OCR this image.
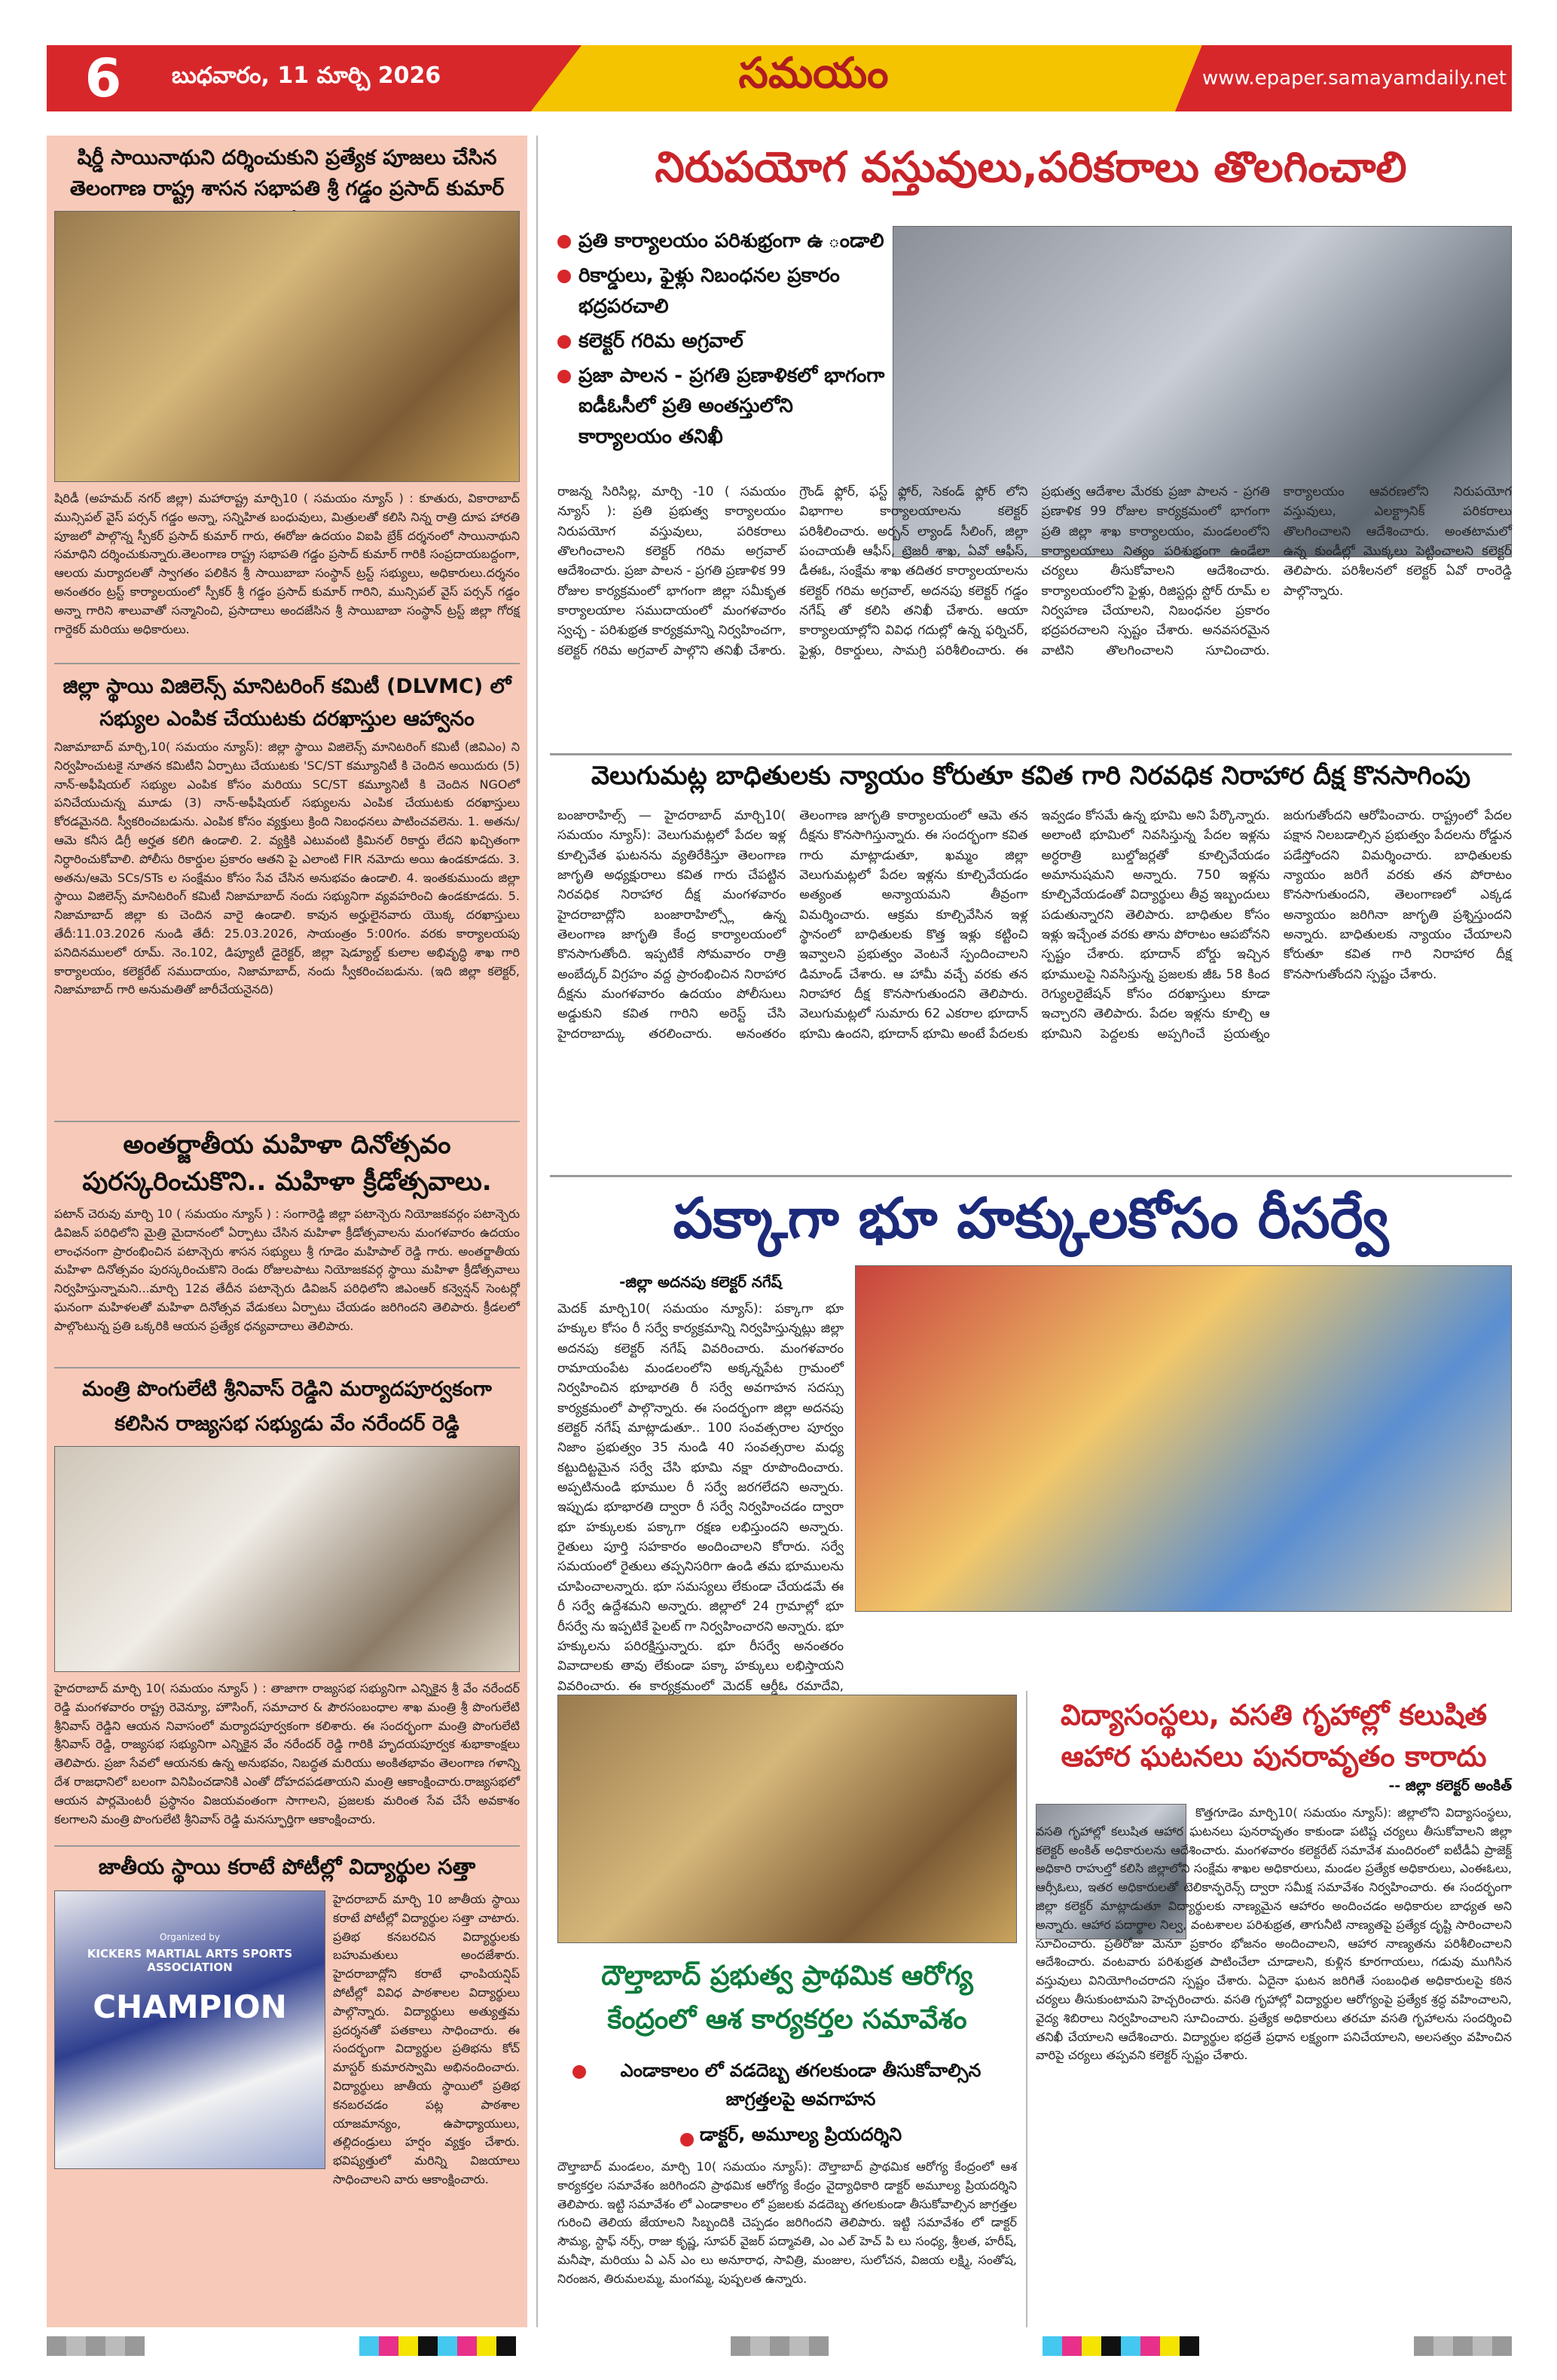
6	బుధవారం, 11 మార్చి 2026	సమయం	www.epaper.samayamdaily.net
షిర్డీ సాయినాథుని దర్శించుకుని ప్రత్యేక పూజలు చేసిన తెలంగాణ రాష్ట్ర శాసన సభాపతి శ్రీ గడ్డం ప్రసాద్ కుమార్
షిరిడీ (అహమద్ నగర్ జిల్లా) మహారాష్ట్ర మార్చి10 ( సమయం న్యూస్ ) : కూతురు, వికారాబాద్ మున్సిపల్ వైస్ పర్సన్ గడ్డం అన్నా, సన్నిహిత బంధువులు, మిత్రులతో కలిసి నిన్న రాత్రి దూప హారతి పూజలో పాల్గొన్న స్పీకర్ ప్రసాద్ కుమార్ గారు, ఈరోజు ఉదయం విఐపి బ్రేక్ దర్శనంలో సాయినాథుని సమాధిని దర్శించుకున్నారు.తెలంగాణ రాష్ట్ర సభాపతి గడ్డం ప్రసాద్ కుమార్ గారికి సంప్రదాయబద్దంగా, ఆలయ మర్యాదలతో స్వాగతం పలికిన శ్రీ సాయిబాబా సంస్థాన్ ట్రస్ట్ సభ్యులు, అధికారులు.దర్శనం అనంతరం ట్రస్ట్ కార్యాలయంలో స్పీకర్ శ్రీ గడ్డం ప్రసాద్ కుమార్ గారిని, మున్సిపల్ వైస్ పర్సన్ గడ్డం అన్నా గారిని శాలువాతో సన్మానించి, ప్రసాదాలు అందజేసిన శ్రీ సాయిబాబా సంస్థాన్ ట్రస్ట్ జిల్లా గోరక్ష గార్డెకర్ మరియు అధికారులు.
జిల్లా స్థాయి విజిలెన్స్ మానిటరింగ్ కమిటీ (DLVMC) లో సభ్యుల ఎంపిక చేయుటకు దరఖాస్తుల ఆహ్వానం
నిజామాబాద్ మార్చి,10( సమయం న్యూస్): జిల్లా స్థాయి విజిలెన్స్ మానిటరింగ్ కమిటీ (జివిఎం) ని నిర్వహించుటకై నూతన కమిటీని ఏర్పాటు చేయుటకు 'SC/ST కమ్యూనిటీ కి చెందిన అయిదురు (5) నాన్-అఫీషియల్ సభ్యుల ఎంపిక కోసం మరియు SC/ST కమ్యూనిటీ కి చెందిన NGOలో పనిచేయుచున్న మూడు (3) నాన్-అఫీషియల్ సభ్యులను ఎంపిక చేయుటకు దరఖాస్తులు కోరడమైనది. స్వీకరించబడును. ఎంపిక కోసం వ్యక్తులు క్రింది నిబంధనలు పాటించవలెను. 1. అతను/ఆమె కనీస డిగ్రీ అర్హత కలిగి ఉండాలి. 2. వ్యక్తికి ఎటువంటి క్రిమినల్ రికార్డు లేదని ఖచ్చితంగా నిర్ధారించుకోవాలి. పోలీసు రికార్డుల ప్రకారం ఆతని పై ఎలాంటి FIR నమోదు అయి ఉండకూడదు. 3. అతను/ఆమె SCs/STs ల సంక్షేమం కోసం సేవ చేసిన అనుభవం ఉండాలి. 4. ఇంతకుముందు జిల్లా స్థాయి విజిలెన్స్ మానిటరింగ్ కమిటీ నిజామాబాద్ నందు సభ్యునిగా వ్యవహరించి ఉండకూడదు. 5. నిజామాబాద్ జిల్లా కు చెందిన వారై ఉండాలి. కావున అర్హులైనవారు యొక్క దరఖాస్తులు తేదీ:11.03.2026 నుండి తేదీ: 25.03.2026, సాయంత్రం 5:00గం. వరకు కార్యాలయపు పనిదినములలో రూమ్. నెం.102, డిప్యూటీ డైరెక్టర్, జిల్లా షెడ్యూల్డ్ కులాల అభివృద్ధి శాఖ గారి కార్యాలయం, కలెక్టరేట్ సముదాయం, నిజామాబాద్, నందు స్వీకరించబడును. (ఇది జిల్లా కలెక్టర్, నిజామాబాద్ గారి అనుమతితో జారీచేయనైనది)
అంతర్జాతీయ మహిళా దినోత్సవం పురస్కరించుకొని.. మహిళా క్రీడోత్సవాలు.
పటాన్ చెరువు మార్చి 10 ( సమయం న్యూస్ ) : సంగారెడ్డి జిల్లా పటాన్చెరు నియోజకవర్గం పటాన్చెరు డివిజన్ పరిధిలోని మైత్రి మైదానంలో ఏర్పాటు చేసిన మహిళా క్రీడోత్సవాలను మంగళవారం ఉదయం లాంఛనంగా ప్రారంభించిన పటాన్చెరు శాసన సభ్యులు శ్రీ గూడెం మహిపాల్ రెడ్డి గారు. అంతర్జాతీయ మహిళా దినోత్సవం పురస్కరించుకొని రెండు రోజులపాటు నియోజకవర్గ స్థాయి మహిళా క్రీడోత్సవాలు నిర్వహిస్తున్నామని...మార్చి 12వ తేదీన పటాన్చెరు డివిజన్ పరిధిలోని జిఎంఆర్ కన్వెన్షన్ సెంటర్లో ఘనంగా మహిళలతో మహిళా దినోత్సవ వేడుకలు ఏర్పాటు చేయడం జరిగిందని తెలిపారు. క్రీడలలో పాల్గొంటున్న ప్రతి ఒక్కరికి ఆయన ప్రత్యేక ధన్యవాదాలు తెలిపారు.
మంత్రి పొంగులేటి శ్రీనివాస్ రెడ్డిని మర్యాదపూర్వకంగా కలిసిన రాజ్యసభ సభ్యుడు వేం నరేందర్ రెడ్డి
హైదరాబాద్ మార్చి 10( సమయం న్యూస్ ) : తాజాగా రాజ్యసభ సభ్యునిగా ఎన్నికైన శ్రీ వేం నరేందర్ రెడ్డి మంగళవారం రాష్ట్ర రెవెన్యూ, హౌసింగ్, సమాచార & పౌరసంబంధాల శాఖ మంత్రి శ్రీ పొంగులేటి శ్రీనివాస్ రెడ్డిని ఆయన నివాసంలో మర్యాదపూర్వకంగా కలిశారు. ఈ సందర్భంగా మంత్రి పొంగులేటి శ్రీనివాస్ రెడ్డి, రాజ్యసభ సభ్యునిగా ఎన్నికైన వేం నరేందర్ రెడ్డి గారికి హృదయపూర్వక శుభాకాంక్షలు తెలిపారు. ప్రజా సేవలో ఆయనకు ఉన్న అనుభవం, నిబద్ధత మరియు అంకితభావం తెలంగాణ గళాన్ని దేశ రాజధానిలో బలంగా వినిపించడానికి ఎంతో దోహదపడతాయని మంత్రి ఆకాంక్షించారు.రాజ్యసభలో ఆయన పార్లమెంటరీ ప్రస్థానం విజయవంతంగా సాగాలని, ప్రజలకు మరింత సేవ చేసే అవకాశం కలగాలని మంత్రి పొంగులేటి శ్రీనివాస్ రెడ్డి మనస్ఫూర్తిగా ఆకాంక్షించారు.
జాతీయ స్థాయి కరాటే పోటీల్లో విద్యార్థుల సత్తా
Organized by
KICKERS MARTIAL ARTS SPORTS ASSOCIATION
CHAMPION
హైదరాబాద్ మార్చి 10 జాతీయ స్థాయి కరాటే పోటీల్లో విద్యార్థుల సత్తా చాటారు. ప్రతిభ కనబరచిన విద్యార్థులకు బహుమతులు అందజేశారు. హైదరాబాద్లోని కరాటే ఛాంపియన్షిప్ పోటీల్లో వివిధ పాఠశాలల విద్యార్థులు పాల్గొన్నారు. విద్యార్థులు అత్యుత్తమ ప్రదర్శనతో పతకాలు సాధించారు. ఈ సందర్భంగా విద్యార్థుల ప్రతిభను కోచ్ మాస్టర్ కుమారస్వామి అభినందించారు. విద్యార్థులు జాతీయ స్థాయిలో ప్రతిభ కనబరచడం పట్ల పాఠశాల యాజమాన్యం, ఉపాధ్యాయులు, తల్లిదండ్రులు హర్షం వ్యక్తం చేశారు. భవిష్యత్తులో మరిన్ని విజయాలు సాధించాలని వారు ఆకాంక్షించారు.
నిరుపయోగ వస్తువులు,పరికరాలు తొలగించాలి
ప్రతి కార్యాలయం పరిశుభ్రంగా ఉ ండాలి
రికార్డులు, ఫైళ్లు నిబంధనల ప్రకారం భద్రపరచాలి
కలెక్టర్ గరిమ అగ్రవాల్
ప్రజా పాలన - ప్రగతి ప్రణాళికలో భాగంగా ఐడీఓసీలో ప్రతి అంతస్తులోని కార్యాలయం తనిఖీ
రాజన్న సిరిసిల్ల, మార్చి -10 ( సమయం న్యూస్ ): ప్రతి ప్రభుత్వ కార్యాలయం నిరుపయోగ వస్తువులు, పరికరాలు తొలగించాలని కలెక్టర్ గరిమ అగ్రవాల్ ఆదేశించారు. ప్రజా పాలన - ప్రగతి ప్రణాళిక 99 రోజుల కార్యక్రమంలో భాగంగా జిల్లా సమీకృత కార్యాలయాల సముదాయంలో మంగళవారం స్వచ్ఛ - పరిశుభ్రత కార్యక్రమాన్ని నిర్వహించగా, కలెక్టర్ గరిమ అగ్రవాల్ పాల్గొని తనిఖీ చేశారు. గ్రౌండ్ ఫ్లోర్, ఫస్ట్ ఫ్లోర్, సెకండ్ ఫ్లోర్ లోని విభాగాల కార్యాలయాలను కలెక్టర్ పరిశీలించారు. అర్బన్ ల్యాండ్ సీలింగ్, జిల్లా పంచాయతీ ఆఫీస్, ట్రెజరీ శాఖ, ఏవో ఆఫీస్, డీఈఓ, సంక్షేమ శాఖ తదితర కార్యాలయాలను కలెక్టర్ గరిమ అగ్రవాల్, అదనపు కలెక్టర్ గడ్డం నగేష్ తో కలిసి తనిఖీ చేశారు. ఆయా కార్యాలయాల్లోని వివిధ గదుల్లో ఉన్న ఫర్నిచర్, ఫైళ్లు, రికార్డులు, సామగ్రి పరిశీలించారు. ఈ ప్రభుత్వ ఆదేశాల మేరకు ప్రజా పాలన - ప్రగతి ప్రణాళిక 99 రోజుల కార్యక్రమంలో భాగంగా ప్రతి జిల్లా శాఖ కార్యాలయం, మండలంలోని కార్యాలయాలు నిత్యం పరిశుభ్రంగా ఉండేలా చర్యలు తీసుకోవాలని ఆదేశించారు. కార్యాలయంలోని ఫైళ్లు, రిజిస్టర్లు స్టోర్ రూమ్ ల నిర్వహణ చేయాలని, నిబంధనల ప్రకారం భద్రపరచాలని స్పష్టం చేశారు. అనవసరమైన వాటిని తొలగించాలని సూచించారు. కార్యాలయం ఆవరణలోని నిరుపయోగ వస్తువులు, ఎలక్ట్రానిక్ పరికరాలు తొలగించాలని ఆదేశించారు. అంతటామలో ఉన్న కుండీల్లో మొక్కలు పెట్టించాలని కలెక్టర్ తెలిపారు. పరిశీలనలో కలెక్టర్ ఏవో రాంరెడ్డి పాల్గొన్నారు.
వెలుగుమట్ల బాధితులకు న్యాయం కోరుతూ కవిత గారి నిరవధిక నిరాహార దీక్ష కొనసాగింపు
బంజారాహిల్స్ — హైదరాబాద్ మార్చి10( సమయం న్యూస్): వెలుగుమట్లలో పేదల ఇళ్ల కూల్చివేత ఘటనను వ్యతిరేకిస్తూ తెలంగాణ జాగృతి అధ్యక్షురాలు కవిత గారు చేపట్టిన నిరవధిక నిరాహార దీక్ష మంగళవారం హైదరాబాద్లోని బంజారాహిల్స్లో ఉన్న తెలంగాణ జాగృతి కేంద్ర కార్యాలయంలో కొనసాగుతోంది. ఇప్పటికే సోమవారం రాత్రి అంబేద్కర్ విగ్రహం వద్ద ప్రారంభించిన నిరాహార దీక్షను మంగళవారం ఉదయం పోలీసులు అడ్డుకుని కవిత గారిని అరెస్ట్ చేసి హైదరాబాద్కు తరలించారు. అనంతరం తెలంగాణ జాగృతి కార్యాలయంలో ఆమె తన దీక్షను కొనసాగిస్తున్నారు. ఈ సందర్భంగా కవిత గారు మాట్లాడుతూ, ఖమ్మం జిల్లా వెలుగుమట్లలో పేదల ఇళ్లను కూల్చివేయడం అత్యంత అన్యాయమని తీవ్రంగా విమర్శించారు. ఆక్రమ కూల్చివేసిన ఇళ్ల స్థానంలో బాధితులకు కొత్త ఇళ్లు కట్టించి ఇవ్వాలని ప్రభుత్వం వెంటనే స్పందించాలని డిమాండ్ చేశారు. ఆ హామీ వచ్చే వరకు తన నిరాహార దీక్ష కొనసాగుతుందని తెలిపారు. వెలుగుమట్లలో సుమారు 62 ఎకరాల భూదాన్ భూమి ఉందని, భూదాన్ భూమి అంటే పేదలకు ఇవ్వడం కోసమే ఉన్న భూమి అని పేర్కొన్నారు. అలాంటి భూమిలో నివసిస్తున్న పేదల ఇళ్లను అర్ధరాత్రి బుల్డోజర్లతో కూల్చివేయడం అమానుషమని అన్నారు. 750 ఇళ్లను కూల్చివేయడంతో విద్యార్థులు తీవ్ర ఇబ్బందులు పడుతున్నారని తెలిపారు. బాధితుల కోసం ఇళ్లు ఇచ్చేంత వరకు తాను పోరాటం ఆపబోనని స్పష్టం చేశారు. భూదాన్ బోర్డు ఇచ్చిన భూములపై నివసిస్తున్న ప్రజలకు జీఓ 58 కింద రెగ్యులరైజేషన్ కోసం దరఖాస్తులు కూడా ఇచ్చారని తెలిపారు. పేదల ఇళ్లను కూల్చి ఆ భూమిని పెద్దలకు అప్పగించే ప్రయత్నం జరుగుతోందని ఆరోపించారు. రాష్ట్రంలో పేదల పక్షాన నిలబడాల్సిన ప్రభుత్వం పేదలను రోడ్డున పడేస్తోందని విమర్శించారు. బాధితులకు న్యాయం జరిగే వరకు తన పోరాటం కొనసాగుతుందని, తెలంగాణలో ఎక్కడ అన్యాయం జరిగినా జాగృతి ప్రశ్నిస్తుందని అన్నారు. బాధితులకు న్యాయం చేయాలని కోరుతూ కవిత గారి నిరాహార దీక్ష కొనసాగుతోందని స్పష్టం చేశారు.
పక్కాగా భూ హక్కులకోసం రీసర్వే
-జిల్లా అదనపు కలెక్టర్ నగేష్
మెదక్ మార్చి10( సమయం న్యూస్): పక్కాగా భూ హక్కుల కోసం రీ సర్వే కార్యక్రమాన్ని నిర్వహిస్తున్నట్లు జిల్లా అదనపు కలెక్టర్ నగేష్ వివరించారు. మంగళవారం రామాయంపేట మండలంలోని అక్కన్నపేట గ్రామంలో నిర్వహించిన భూభారతి రీ సర్వే అవగాహన సదస్సు కార్యక్రమంలో పాల్గొన్నారు. ఈ సందర్భంగా జిల్లా అదనపు కలెక్టర్ నగేష్ మాట్లాడుతూ.. 100 సంవత్సరాల పూర్వం నిజాం ప్రభుత్వం 35 నుండి 40 సంవత్సరాల మధ్య కట్టుదిట్టమైన సర్వే చేసి భూమి నక్షా రూపొందించారు. అప్పటినుండి భూముల రీ సర్వే జరగలేదని అన్నారు. ఇప్పుడు భూభారతి ద్వారా రీ సర్వే నిర్వహించడం ద్వారా భూ హక్కులకు పక్కాగా రక్షణ లభిస్తుందని అన్నారు. రైతులు పూర్తి సహకారం అందించాలని కోరారు. సర్వే సమయంలో రైతులు తప్పనిసరిగా ఉండి తమ భూములను చూపించాలన్నారు. భూ సమస్యలు లేకుండా చేయడమే ఈ రీ సర్వే ఉద్దేశమని అన్నారు. జిల్లాలో 24 గ్రామాల్లో భూ రీసర్వే ను ఇప్పటికే పైలట్ గా నిర్వహించారని అన్నారు. భూ హక్కులను పరిరక్షిస్తున్నారు. భూ రీసర్వే అనంతరం వివాదాలకు తావు లేకుండా పక్కా హక్కులు లభిస్తాయని వివరించారు. ఈ కార్యక్రమంలో మెదక్ ఆర్డీఓ రమాదేవి,
దౌల్తాబాద్ ప్రభుత్వ ప్రాథమిక ఆరోగ్య కేంద్రంలో ఆశ కార్యకర్తల సమావేశం
ఎండాకాలం లో వడదెబ్బ తగలకుండా తీసుకోవాల్సిన జాగ్రత్తలపై అవగాహన
డాక్టర్, అమూల్య ప్రియదర్శిని
దౌల్తాబాద్ మండలం, మార్చి 10( సమయం న్యూస్): దౌల్తాబాద్ ప్రాథమిక ఆరోగ్య కేంద్రంలో ఆశ కార్యకర్తల సమావేశం జరిగిందని ప్రాథమిక ఆరోగ్య కేంద్రం వైద్యాధికారి డాక్టర్ అమూల్య ప్రియదర్శిని తెలిపారు. ఇట్టి సమావేశం లో ఎండాకాలం లో ప్రజలకు వడదెబ్బ తగలకుండా తీసుకోవాల్సిన జాగ్రత్తల గురించి తెలియ జేయాలని సిబ్బందికి చెప్పడం జరిగిందని తెలిపారు. ఇట్టి సమావేశం లో డాక్టర్ సౌమ్య, స్టాఫ్ నర్స్, రాజు కృష్ణ, సూపర్ వైజర్ పద్మావతి, ఎం ఎల్ హెచ్ పి లు సంధ్య, శ్రీలత, హరీష్, మనీషా, మరియు ఏ ఎన్ ఎం లు అనూరాధ, సావిత్రి, మంజుల, సులోచన, విజయ లక్ష్మి, సంతోష, నిరంజన, తిరుమలమ్మ, మంగమ్మ, పుష్పలత ఉన్నారు.
విద్యాసంస్థలు, వసతి గృహాల్లో కలుషిత ఆహార ఘటనలు పునరావృతం కారాదు
-- జిల్లా కలెక్టర్ అంకిత్
కొత్తగూడెం మార్చి10( సమయం న్యూస్): జిల్లాలోని విద్యాసంస్థలు, వసతి గృహాల్లో కలుషిత ఆహార ఘటనలు పునరావృతం కాకుండా పటిష్ట చర్యలు తీసుకోవాలని జిల్లా కలెక్టర్ అంకిత్ అధికారులను ఆదేశించారు. మంగళవారం కలెక్టరేట్ సమావేశ మందిరంలో ఐటీడీఏ ప్రాజెక్ట్ అధికారి రాహుల్తో కలిసి జిల్లాలోని సంక్షేమ శాఖల అధికారులు, మండల ప్రత్యేక అధికారులు, ఎంఈఓలు, ఆర్సీఓలు, ఇతర అధికారులతో టెలికాన్ఫరెన్స్ ద్వారా సమీక్ష సమావేశం నిర్వహించారు. ఈ సందర్భంగా జిల్లా కలెక్టర్ మాట్లాడుతూ విద్యార్థులకు నాణ్యమైన ఆహారం అందించడం అధికారుల బాధ్యత అని అన్నారు. ఆహార పదార్థాల నిల్వ, వంటశాలల పరిశుభ్రత, తాగునీటి నాణ్యతపై ప్రత్యేక దృష్టి సారించాలని సూచించారు. ప్రతిరోజు మెనూ ప్రకారం భోజనం అందించాలని, ఆహార నాణ్యతను పరిశీలించాలని ఆదేశించారు. వంటవారు పరిశుభ్రత పాటించేలా చూడాలని, కుళ్లిన కూరగాయలు, గడువు ముగిసిన వస్తువులు వినియోగించరాదని స్పష్టం చేశారు. ఏదైనా ఘటన జరిగితే సంబంధిత అధికారులపై కఠిన చర్యలు తీసుకుంటామని హెచ్చరించారు. వసతి గృహాల్లో విద్యార్థుల ఆరోగ్యంపై ప్రత్యేక శ్రద్ధ వహించాలని, వైద్య శిబిరాలు నిర్వహించాలని సూచించారు. ప్రత్యేక అధికారులు తరచూ వసతి గృహాలను సందర్శించి తనిఖీ చేయాలని ఆదేశించారు. విద్యార్థుల భద్రతే ప్రధాన లక్ష్యంగా పనిచేయాలని, అలసత్వం వహించిన వారిపై చర్యలు తప్పవని కలెక్టర్ స్పష్టం చేశారు.
